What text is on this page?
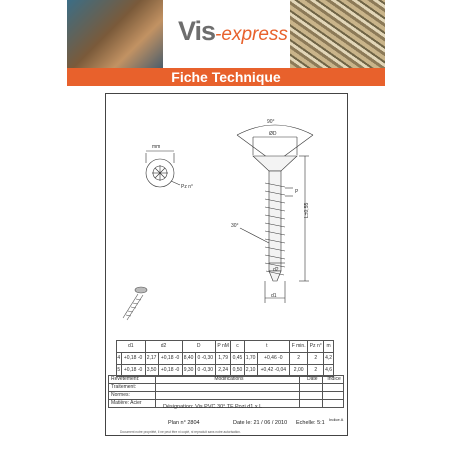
Vis-express
Fiche Technique
mm
Pz n°
90°
ØD
P
L±0,55
30°
d2
d1
d1		d2		D		P nM	c	t		F min.	Pz n°	m
4	+0,18 -0	2,17	+0,18 -0	8,40	0 -0,30	1,79	0,45	1,70	+0,46 -0	2	2	4,2
5	+0,18 -0	3,50	+0,18 -0	9,30	0 -0,30	2,24	0,50	2,10	+0,42 -0,04	2,00	2	4,6
Revêtement:	Modifications	Date	Indice
Traitement:			
Normes:			
Matière: Acier			
Désignation: Vis PVC 30° TF Pozi d1 x L
Plan n° 2804	Date le: 21 / 06 / 2010 Echelle: 5:1
Indice A
Document notre propriété, il ne peut être ni copié, ni reproduit sans notre autorisation.
